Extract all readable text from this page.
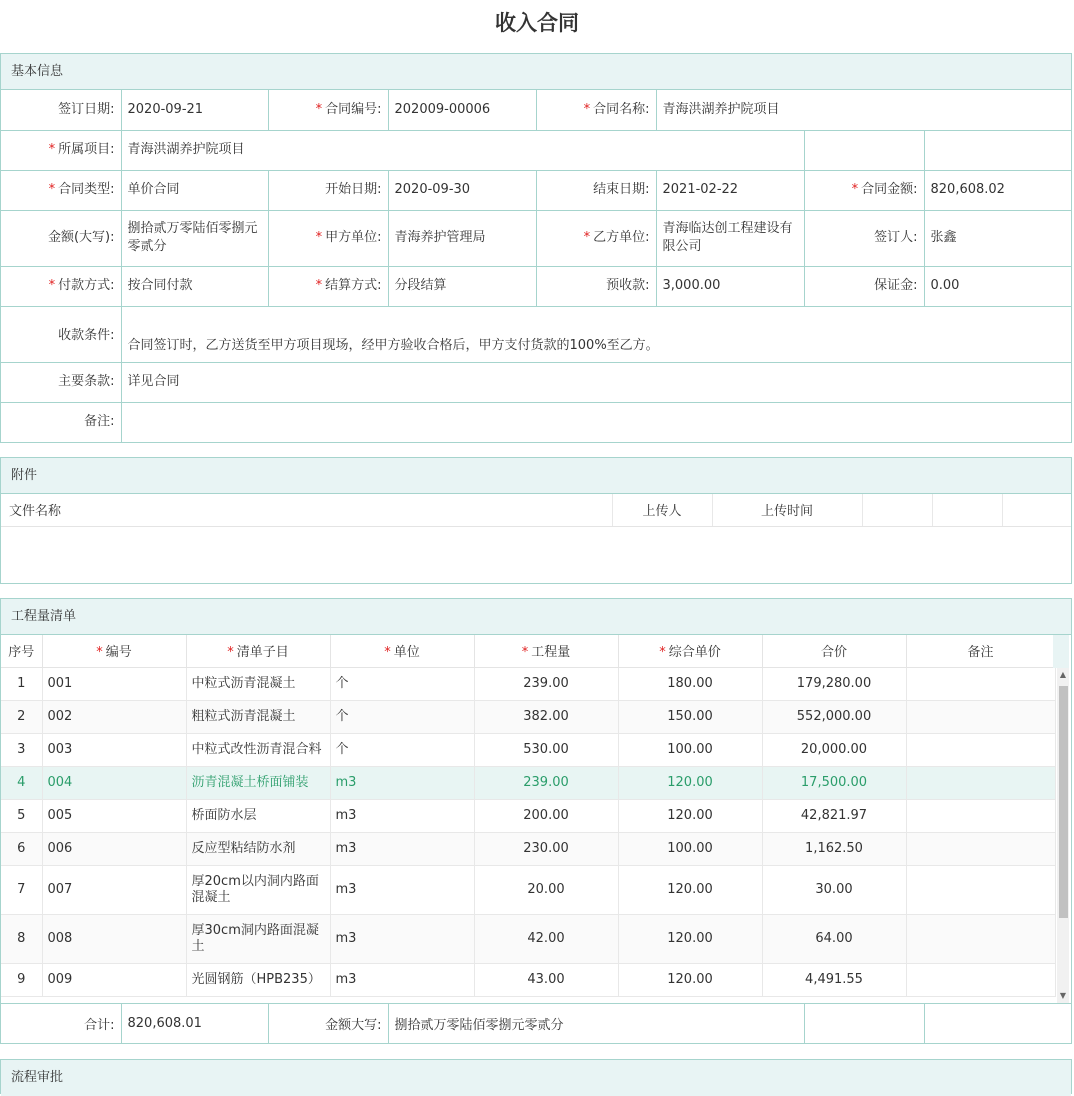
收入合同
基本信息
签订日期:	2020-09-21	* 合同编号:	202009-00006	* 合同名称:	青海洪湖养护院项目		
* 所属项目:	青海洪湖养护院项目						
* 合同类型:	单价合同	开始日期:	2020-09-30	结束日期:	2021-02-22	* 合同金额:	820,608.02
金额(大写):	捌拾贰万零陆佰零捌元零贰分	* 甲方单位:	青海养护管理局	* 乙方单位:	青海临达创工程建设有限公司	签订人:	张鑫
* 付款方式:	按合同付款	* 结算方式:	分段结算	预收款:	3,000.00	保证金:	0.00
收款条件:	合同签订时，乙方送货至甲方项目现场，经甲方验收合格后，甲方支付货款的100%至乙方。						
主要条款:	详见合同						
备注:							
附件
文件名称	上传人	上传时间			
工程量清单
序号	* 编号	* 清单子目	* 单位	* 工程量	* 综合单价	合价	备注
1	001	中粒式沥青混凝土	个	239.00	180.00	179,280.00	
2	002	粗粒式沥青混凝土	个	382.00	150.00	552,000.00	
3	003	中粒式改性沥青混合料	个	530.00	100.00	20,000.00	
4	004	沥青混凝土桥面铺装	m3	239.00	120.00	17,500.00	
5	005	桥面防水层	m3	200.00	120.00	42,821.97	
6	006	反应型粘结防水剂	m3	230.00	100.00	1,162.50	
7	007	厚20cm以内洞内路面混凝土	m3	20.00	120.00	30.00	
8	008	厚30cm洞内路面混凝土	m3	42.00	120.00	64.00	
9	009	光圆钢筋（HPB235）	m3	43.00	120.00	4,491.55	
▲
▼
合计:	820,608.01	金额大写:	捌拾贰万零陆佰零捌元零贰分		
流程审批
